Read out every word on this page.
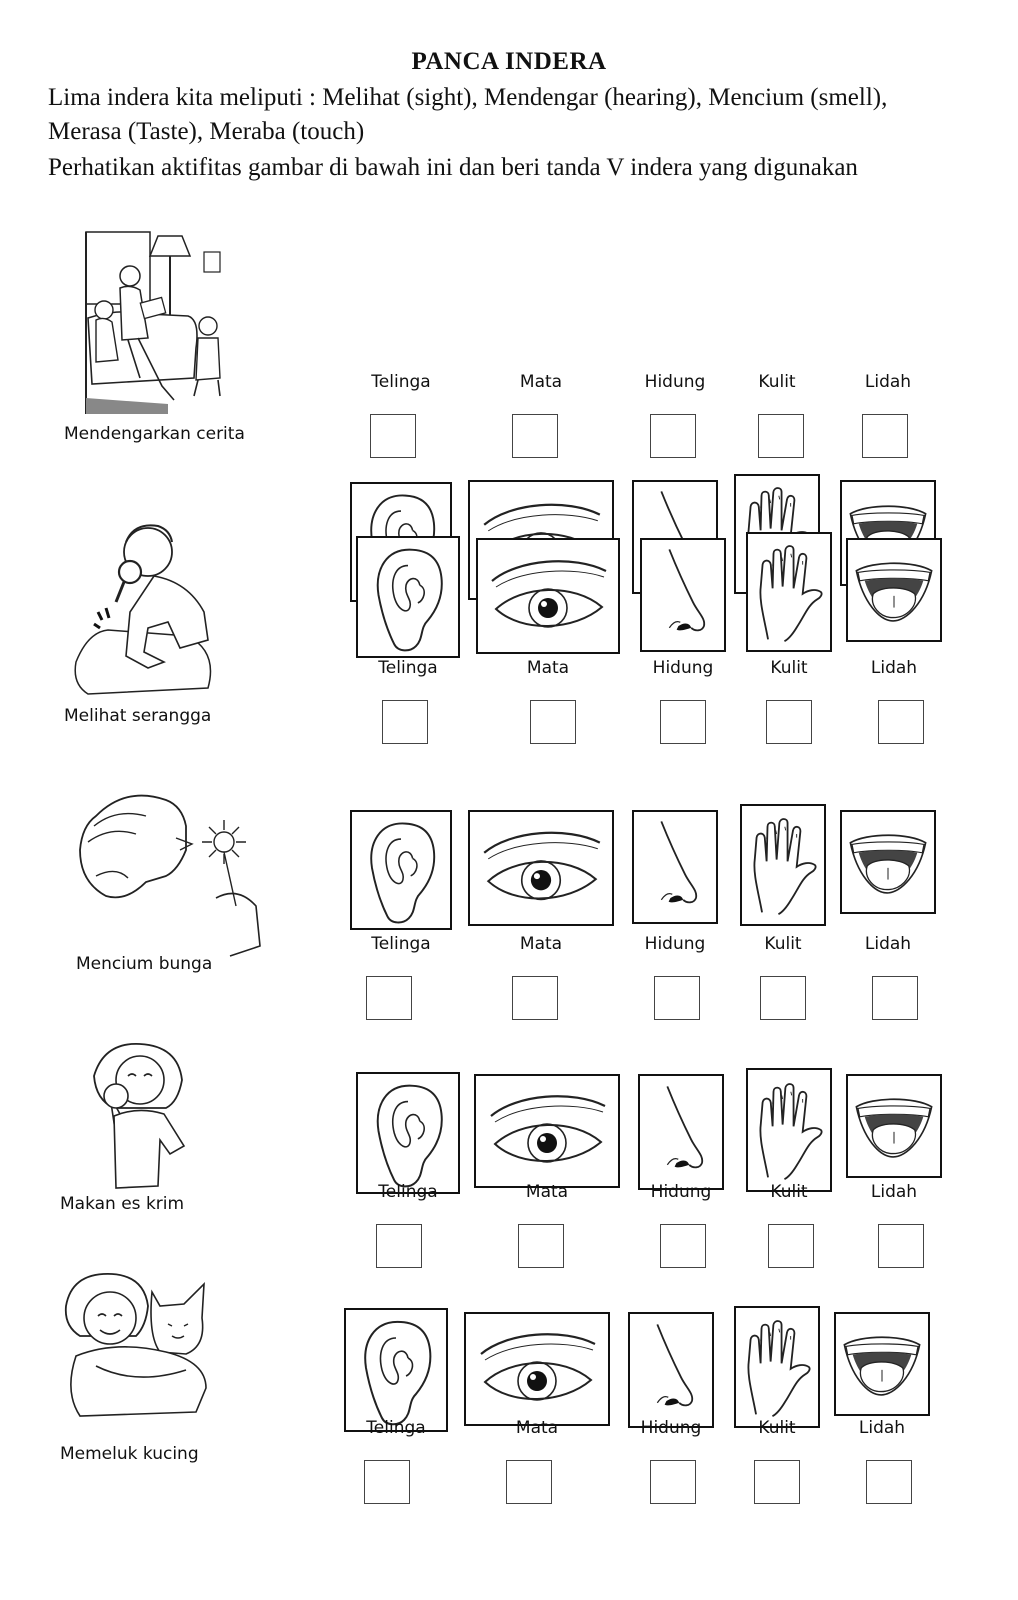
PANCA INDERA
Lima indera kita meliputi : Melihat (sight), Mendengar (hearing), Mencium (smell),
Merasa (Taste), Meraba (touch)
Perhatikan aktifitas gambar di bawah ini dan beri tanda V indera yang digunakan
Mendengarkan cerita
Telinga	Mata	Hidung	Kulit	Lidah
Melihat serangga
Telinga	Mata	Hidung	Kulit	Lidah
Mencium bunga
Telinga	Mata	Hidung	Kulit	Lidah
Makan es krim
Telinga	Mata	Hidung	Kulit	Lidah
Memeluk kucing
Telinga	Mata	Hidung	Kulit	Lidah
